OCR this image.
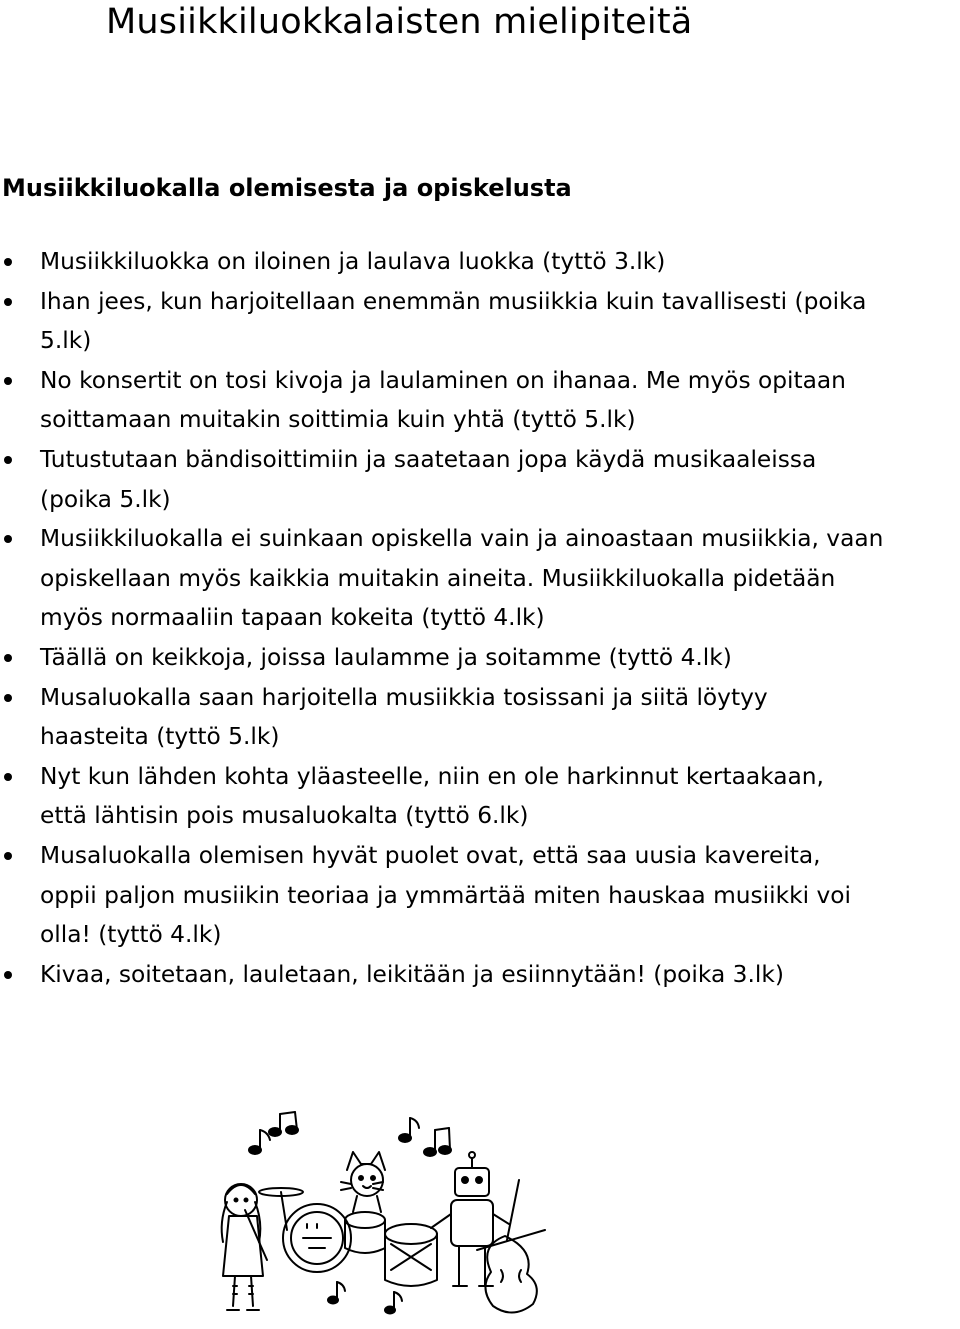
Musiikkiluokkalaisten mielipiteitä
Musiikkiluokalla olemisesta ja opiskelusta
Musiikkiluokka on iloinen ja laulava luokka (tyttö 3.lk)
Ihan jees, kun harjoitellaan enemmän musiikkia kuin tavallisesti (poika
5.lk)
No konsertit on tosi kivoja ja laulaminen on ihanaa. Me myös opitaan
soittamaan muitakin soittimia kuin yhtä (tyttö 5.lk)
Tutustutaan bändisoittimiin ja saatetaan jopa käydä musikaaleissa
(poika 5.lk)
Musiikkiluokalla ei suinkaan opiskella vain ja ainoastaan musiikkia, vaan
opiskellaan myös kaikkia muitakin aineita. Musiikkiluokalla pidetään
myös normaaliin tapaan kokeita (tyttö 4.lk)
Täällä on keikkoja, joissa laulamme ja soitamme (tyttö 4.lk)
Musaluokalla saan harjoitella musiikkia tosissani ja siitä löytyy
haasteita (tyttö 5.lk)
Nyt kun lähden kohta yläasteelle, niin en ole harkinnut kertaakaan,
että lähtisin pois musaluokalta (tyttö 6.lk)
Musaluokalla olemisen hyvät puolet ovat, että saa uusia kavereita,
oppii paljon musiikin teoriaa ja ymmärtää miten hauskaa musiikki voi
olla! (tyttö 4.lk)
Kivaa, soitetaan, lauletaan, leikitään ja esiinnytään! (poika 3.lk)
